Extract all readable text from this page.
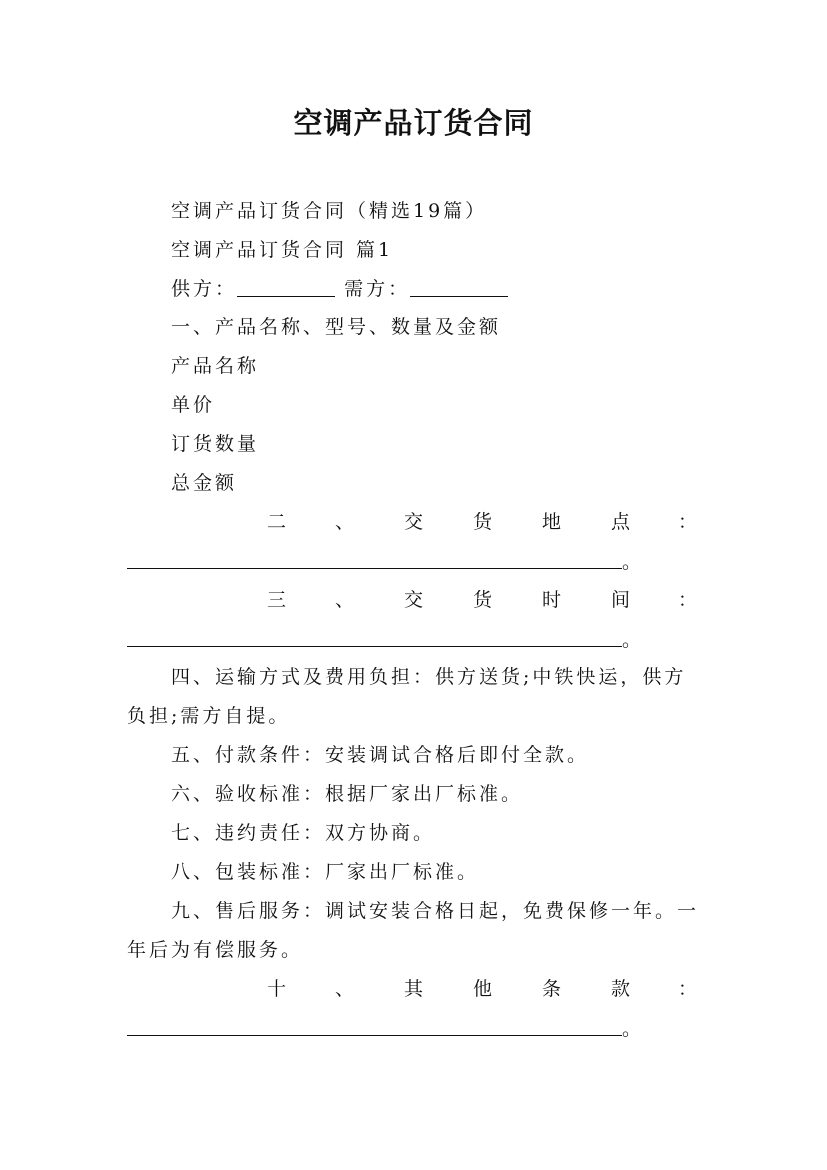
空调产品订货合同
空调产品订货合同（精选19篇）
空调产品订货合同 篇1
供方：	需方：
一、产品名称、型号、数量及金额
产品名称
单价
订货数量
总金额
二	、	交	货	地	点	：
。
三	、	交	货	时	间	：
。
四、运输方式及费用负担：供方送货;中铁快运，供方
负担;需方自提。
五、付款条件：安装调试合格后即付全款。
六、验收标准：根据厂家出厂标准。
七、违约责任：双方协商。
八、包装标准：厂家出厂标准。
九、售后服务：调试安装合格日起，免费保修一年。一
年后为有偿服务。
十	、	其	他	条	款	：
。
